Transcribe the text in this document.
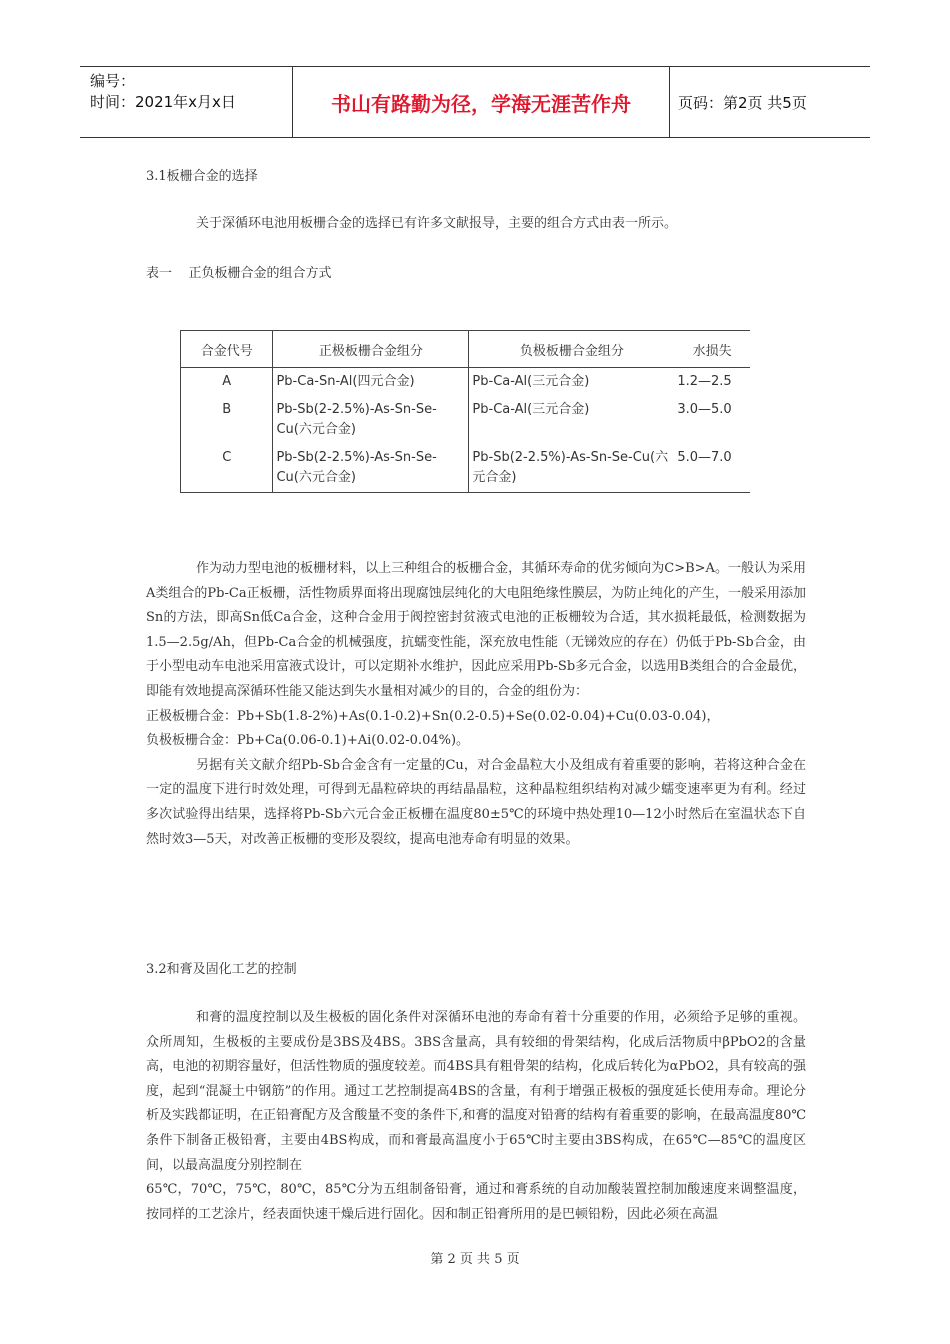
编号：
时间：2021年x月x日	书山有路勤为径，学海无涯苦作舟	页码：第2页 共5页
3.1板栅合金的选择
关于深循环电池用板栅合金的选择已有许多文献报导，主要的组合方式由表一所示。
表一    正负板栅合金的组合方式
合金代号	正极板栅合金组分	负极板栅合金组分	水损失
A	Pb-Ca-Sn-Al(四元合金)	Pb-Ca-Al(三元合金)	1.2—2.5
B	Pb-Sb(2-2.5%)-As-Sn-Se-Cu(六元合金)	Pb-Ca-Al(三元合金)	3.0—5.0
C	Pb-Sb(2-2.5%)-As-Sn-Se-Cu(六元合金)	Pb-Sb(2-2.5%)-As-Sn-Se-Cu(六元合金)	5.0—7.0

作为动力型电池的板栅材料，以上三种组合的板栅合金，其循环寿命的优劣倾向为C>B>A。一般认为采用A类组合的Pb-Ca正板栅，活性物质界面将出现腐蚀层纯化的大电阻绝缘性膜层，为防止纯化的产生，一般采用添加Sn的方法，即高Sn低Ca合金，这种合金用于阀控密封贫液式电池的正板栅较为合适，其水损耗最低，检测数据为1.5—2.5g/Ah，但Pb-Ca合金的机械强度，抗蠕变性能，深充放电性能（无锑效应的存在）仍低于Pb-Sb合金，由于小型电动车电池采用富液式设计，可以定期补水维护，因此应采用Pb-Sb多元合金，以选用B类组合的合金最优，即能有效地提高深循环性能又能达到失水量相对减少的目的，合金的组份为：

正极板栅合金：Pb+Sb(1.8-2%)+As(0.1-0.2)+Sn(0.2-0.5)+Se(0.02-0.04)+Cu(0.03-0.04)，

负极板栅合金：Pb+Ca(0.06-0.1)+Ai(0.02-0.04%)。

另据有关文献介绍Pb-Sb合金含有一定量的Cu，对合金晶粒大小及组成有着重要的影响，若将这种合金在一定的温度下进行时效处理，可得到无晶粒碎块的再结晶晶粒，这种晶粒组织结构对减少蠕变速率更为有利。经过多次试验得出结果，选择将Pb-Sb六元合金正板栅在温度80±5℃的环境中热处理10—12小时然后在室温状态下自然时效3—5天，对改善正板栅的变形及裂纹，提高电池寿命有明显的效果。

3.2和膏及固化工艺的控制

和膏的温度控制以及生极板的固化条件对深循环电池的寿命有着十分重要的作用，必须给予足够的重视。众所周知，生极板的主要成份是3BS及4BS。3BS含量高，具有较细的骨架结构，化成后活物质中βPbO2的含量高，电池的初期容量好，但活性物质的强度较差。而4BS具有粗骨架的结构，化成后转化为αPbO2，具有较高的强度，起到“混凝土中钢筋”的作用。通过工艺控制提高4BS的含量，有利于增强正极板的强度延长使用寿命。理论分析及实践都证明，在正铅膏配方及含酸量不变的条件下,和膏的温度对铅膏的结构有着重要的影响，在最高温度80℃条件下制备正极铅膏，主要由4BS构成，而和膏最高温度小于65℃时主要由3BS构成，在65℃—85℃的温度区间，以最高温度分别控制在

65℃，70℃，75℃，80℃，85℃分为五组制备铅膏，通过和膏系统的自动加酸装置控制加酸速度来调整温度，按同样的工艺涂片，经表面快速干燥后进行固化。因和制正铅膏所用的是巴顿铅粉，因此必须在高温

第 2 页 共 5 页
